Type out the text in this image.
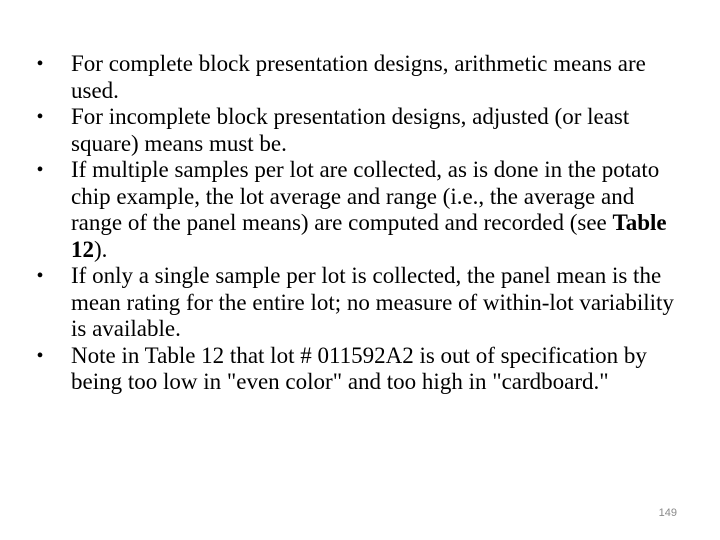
• For complete block presentation designs, arithmetic means are used.
• For incomplete block presentation designs, adjusted (or least square) means must be.
• If multiple samples per lot are collected, as is done in the potato chip example, the lot average and range (i.e., the average and range of the panel means) are computed and recorded (see Table 12).
• If only a single sample per lot is collected, the panel mean is the mean rating for the entire lot; no measure of within-lot variability is available.
• Note in Table 12 that lot # 011592A2 is out of specification by being too low in "even color" and too high in "cardboard."
149
